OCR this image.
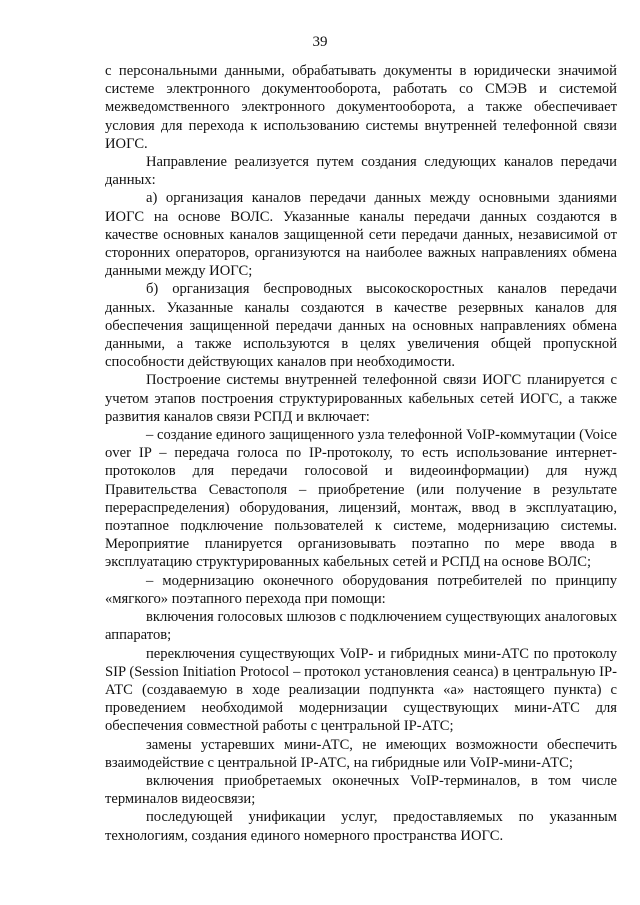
39

с персональными данными, обрабатывать документы в юридически значимой системе электронного документооборота, работать со СМЭВ и системой межведомственного электронного документооборота, а также обеспечивает условия для перехода к использованию системы внутренней телефонной связи ИОГС.

Направление реализуется путем создания следующих каналов передачи данных:

а) организация каналов передачи данных между основными зданиями ИОГС на основе ВОЛС. Указанные каналы передачи данных создаются в качестве основных каналов защищенной сети передачи данных, независимой от сторонних операторов, организуются на наиболее важных направлениях обмена данными между ИОГС;

б) организация беспроводных высокоскоростных каналов передачи данных. Указанные каналы создаются в качестве резервных каналов для обеспечения защищенной передачи данных на основных направлениях обмена данными, а также используются в целях увеличения общей пропускной способности действующих каналов при необходимости.

Построение системы внутренней телефонной связи ИОГС планируется с учетом этапов построения структурированных кабельных сетей ИОГС, а также развития каналов связи РСПД и включает:

– создание единого защищенного узла телефонной VoIP-коммутации (Voice over IP – передача голоса по IP-протоколу, то есть использование интернет-протоколов для передачи голосовой и видеоинформации) для нужд Правительства Севастополя – приобретение (или получение в результате перераспределения) оборудования, лицензий, монтаж, ввод в эксплуатацию, поэтапное подключение пользователей к системе, модернизацию системы. Мероприятие планируется организовывать поэтапно по мере ввода в эксплуатацию структурированных кабельных сетей и РСПД на основе ВОЛС;

– модернизацию оконечного оборудования потребителей по принципу «мягкого» поэтапного перехода при помощи:

включения голосовых шлюзов с подключением существующих аналоговых аппаратов;

переключения существующих VoIP- и гибридных мини-АТС по протоколу SIP (Session Initiation Protocol – протокол установления сеанса) в центральную IP-АТС (создаваемую в ходе реализации подпункта «а» настоящего пункта) с проведением необходимой модернизации существующих мини-АТС для обеспечения совместной работы с центральной IP-АТС;

замены устаревших мини-АТС, не имеющих возможности обеспечить взаимодействие с центральной IP-АТС, на гибридные или VoIP-мини-АТС;

включения приобретаемых оконечных VoIP-терминалов, в том числе терминалов видеосвязи;

последующей унификации услуг, предоставляемых по указанным технологиям, создания единого номерного пространства ИОГС.
